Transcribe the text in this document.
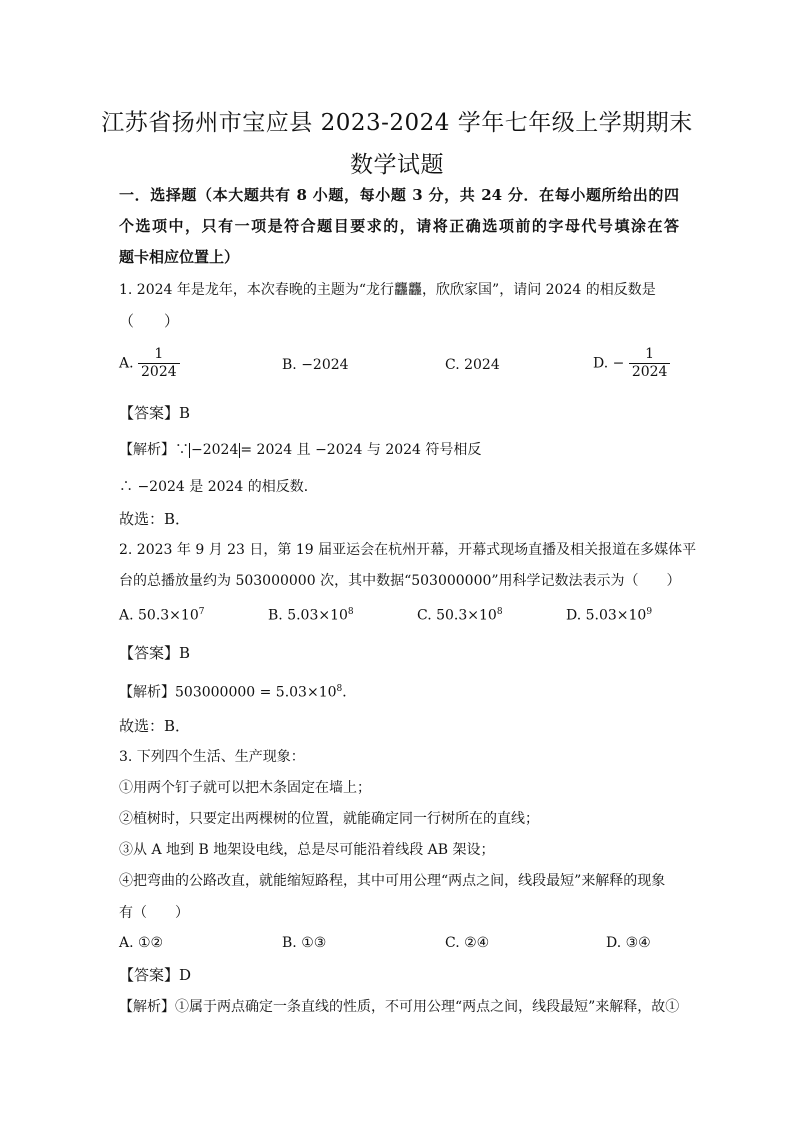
江苏省扬州市宝应县 2023-2024 学年七年级上学期期末
数学试题
一．选择题（本大题共有 8 小题，每小题 3 分，共 24 分．在每小题所给出的四
个选项中，只有一项是符合题目要求的，请将正确选项前的字母代号填涂在答
题卡相应位置上）
1. 2024 年是龙年，本次春晚的主题为“龙行龘龘，欣欣家国”，请问 2024 的相反数是
（　　）
A. $\frac{1}{2024}$	B. −2024	C. 2024	D. − $\frac{1}{2024}$
【答案】B
【解析】∵ −2024 = 2024 且 −2024 与 2024 符号相反
∴ −2024 是 2024 的相反数．
故选：B．
2. 2023 年 9 月 23 日，第 19 届亚运会在杭州开幕，开幕式现场直播及相关报道在多媒体平
台的总播放量约为 503000000 次，其中数据“503000000”用科学记数法表示为（　　）
A. $50.3\times 10^7$	B. $5.03\times 10^8$	C. $50.3\times 10^8$	D. $5.03\times 10^9$
【答案】B
【解析】$503000000 = 5.03\times 10^8$．
故选：B．
3. 下列四个生活、生产现象：
①用两个钉子就可以把木条固定在墙上；
②植树时，只要定出两棵树的位置，就能确定同一行树所在的直线；
③从 A 地到 B 地架设电线，总是尽可能沿着线段 AB 架设；
④把弯曲的公路改直，就能缩短路程，其中可用公理“两点之间，线段最短”来解释的现象
有（　　）
A. ①②	B. ①③	C. ②④	D. ③④
【答案】D
【解析】①属于两点确定一条直线的性质，不可用公理“两点之间，线段最短”来解释，故①
